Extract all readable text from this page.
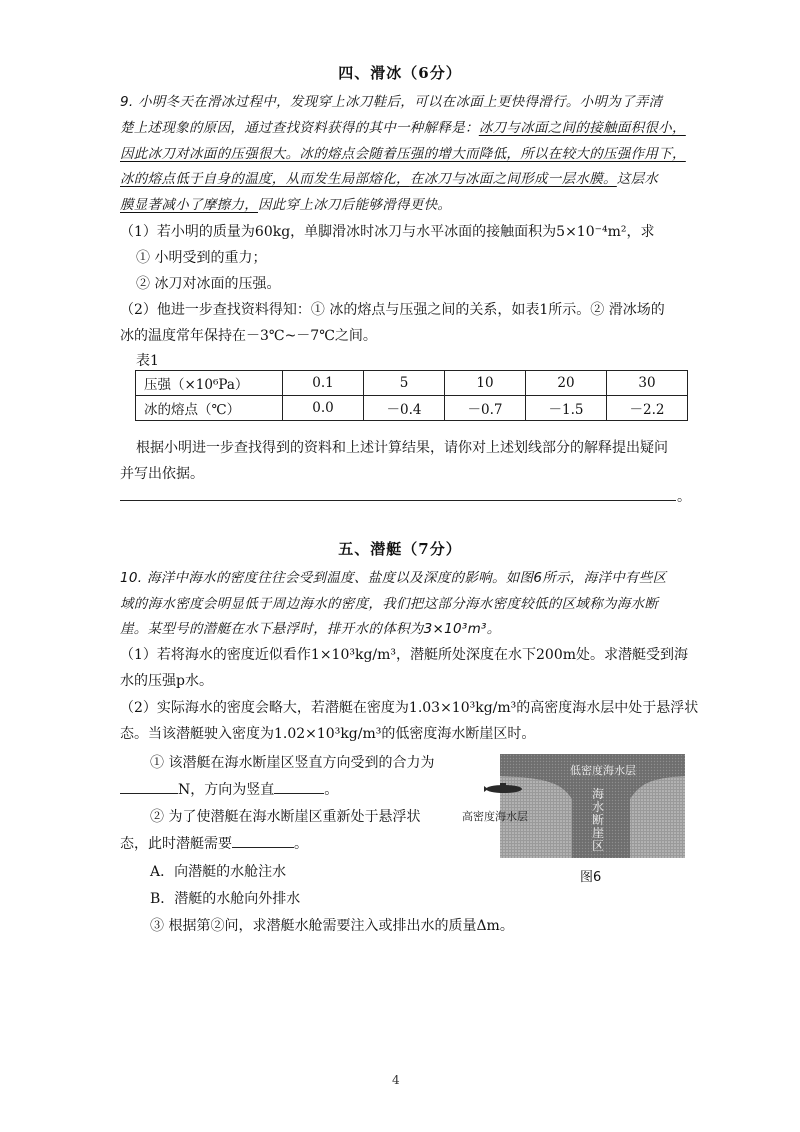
四、滑冰（6分）
9. 小明冬天在滑冰过程中，发现穿上冰刀鞋后，可以在冰面上更快得滑行。小明为了弄清
楚上述现象的原因，通过查找资料获得的其中一种解释是：冰刀与冰面之间的接触面积很小，
因此冰刀对冰面的压强很大。冰的熔点会随着压强的增大而降低，所以在较大的压强作用下，
冰的熔点低于自身的温度，从而发生局部熔化，在冰刀与冰面之间形成一层水膜。这层水
膜显著减小了摩擦力，因此穿上冰刀后能够滑得更快。
（1）若小明的质量为60kg，单脚滑冰时冰刀与水平冰面的接触面积为5×10⁻⁴m²，求
① 小明受到的重力；
② 冰刀对冰面的压强。
（2）他进一步查找资料得知：① 冰的熔点与压强之间的关系，如表1所示。② 滑冰场的
冰的温度常年保持在－3℃~－7℃之间。
表1
压强（×10⁶Pa）	0.1	5	10	20	30
冰的熔点（℃）	0.0	－0.4	－0.7	－1.5	－2.2
根据小明进一步查找得到的资料和上述计算结果，请你对上述划线部分的解释提出疑问
并写出依据。
。
五、潜艇（7分）
10. 海洋中海水的密度往往会受到温度、盐度以及深度的影响。如图6所示，海洋中有些区
域的海水密度会明显低于周边海水的密度，我们把这部分海水密度较低的区域称为海水断
崖。某型号的潜艇在水下悬浮时，排开水的体积为3×10³m³。
（1）若将海水的密度近似看作1×10³kg/m³，潜艇所处深度在水下200m处。求潜艇受到海
水的压强p水。
（2）实际海水的密度会略大，若潜艇在密度为1.03×10³kg/m³的高密度海水层中处于悬浮状
态。当该潜艇驶入密度为1.02×10³kg/m³的低密度海水断崖区时。
① 该潜艇在海水断崖区竖直方向受到的合力为
N，方向为竖直	。
② 为了使潜艇在海水断崖区重新处于悬浮状
态，此时潜艇需要	。
A．向潜艇的水舱注水
B．潜艇的水舱向外排水
③ 根据第②问，求潜艇水舱需要注入或排出水的质量Δm。
低密度海水层
海
水
断
崖
区
高密度海水层
图6
4
